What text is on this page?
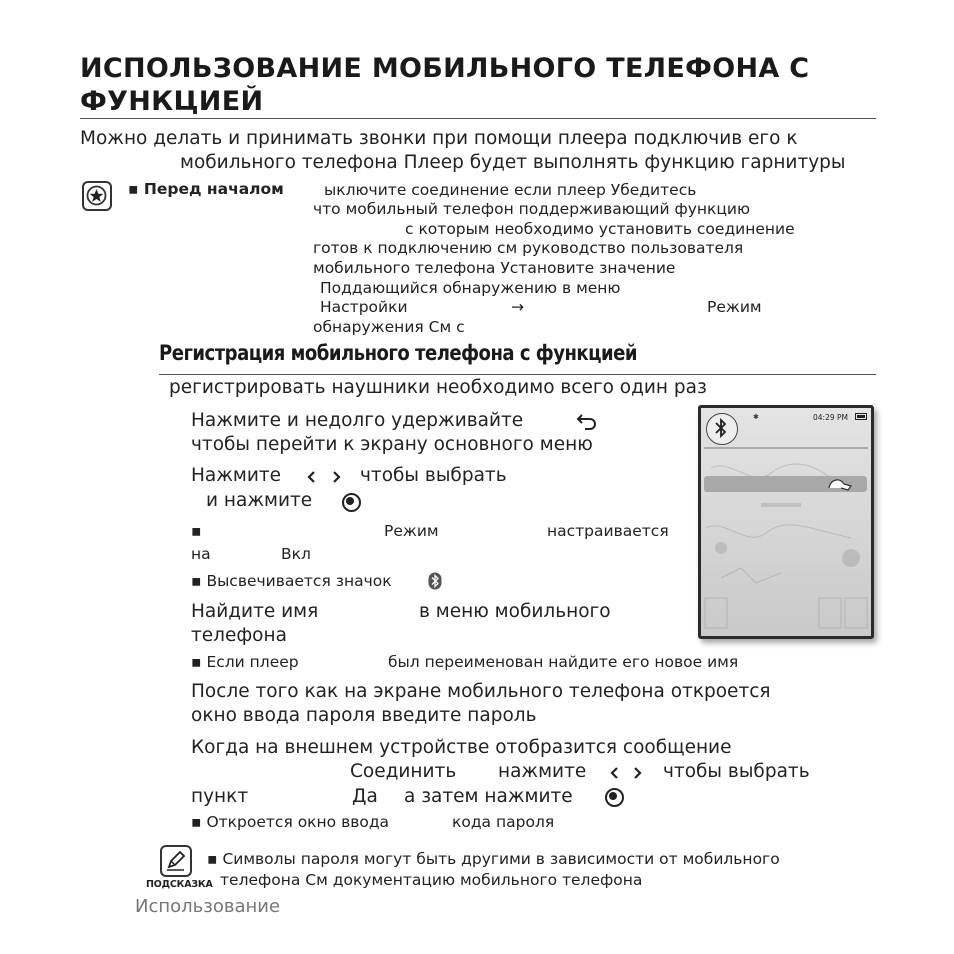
ИСПОЛЬЗОВАНИЕ МОБИЛЬНОГО ТЕЛЕФОНА С
ФУНКЦИЕЙ
Можно делать и принимать звонки при помощи плеера подключив его к
мобильного телефона Плеер будет выполнять функцию гарнитуры
▪ Перед началом	ыключите соединение если плеер Убедитесь
что мобильный телефон поддерживающий функцию
с которым необходимо установить соединение
готов к подключению см руководство пользователя
мобильного телефона Установите значение
Поддающийся обнаружению в меню
Настройки	→	Режим
обнаружения См с
Регистрация мобильного телефона с функцией
регистрировать наушники необходимо всего один раз
Нажмите и недолго удерживайте
чтобы перейти к экрану основного меню
Нажмите	чтобы выбрать
и нажмите
▪	Режим	настраивается
на	Вкл
▪ Высвечивается значок
Найдите имя	в меню мобильного
телефона
▪ Если плеер	был переименован найдите его новое имя
После того как на экране мобильного телефона откроется
окно ввода пароля введите пароль
Когда на внешнем устройстве отобразится сообщение
Соединить нажмите	чтобы выбрать
пункт	Да а затем нажмите
▪ Откроется окно ввода	кода пароля
ПОДСКАЗКА
▪ Символы пароля могут быть другими в зависимости от мобильного
телефона См документацию мобильного телефона
Использование
✱	04:29 PM
